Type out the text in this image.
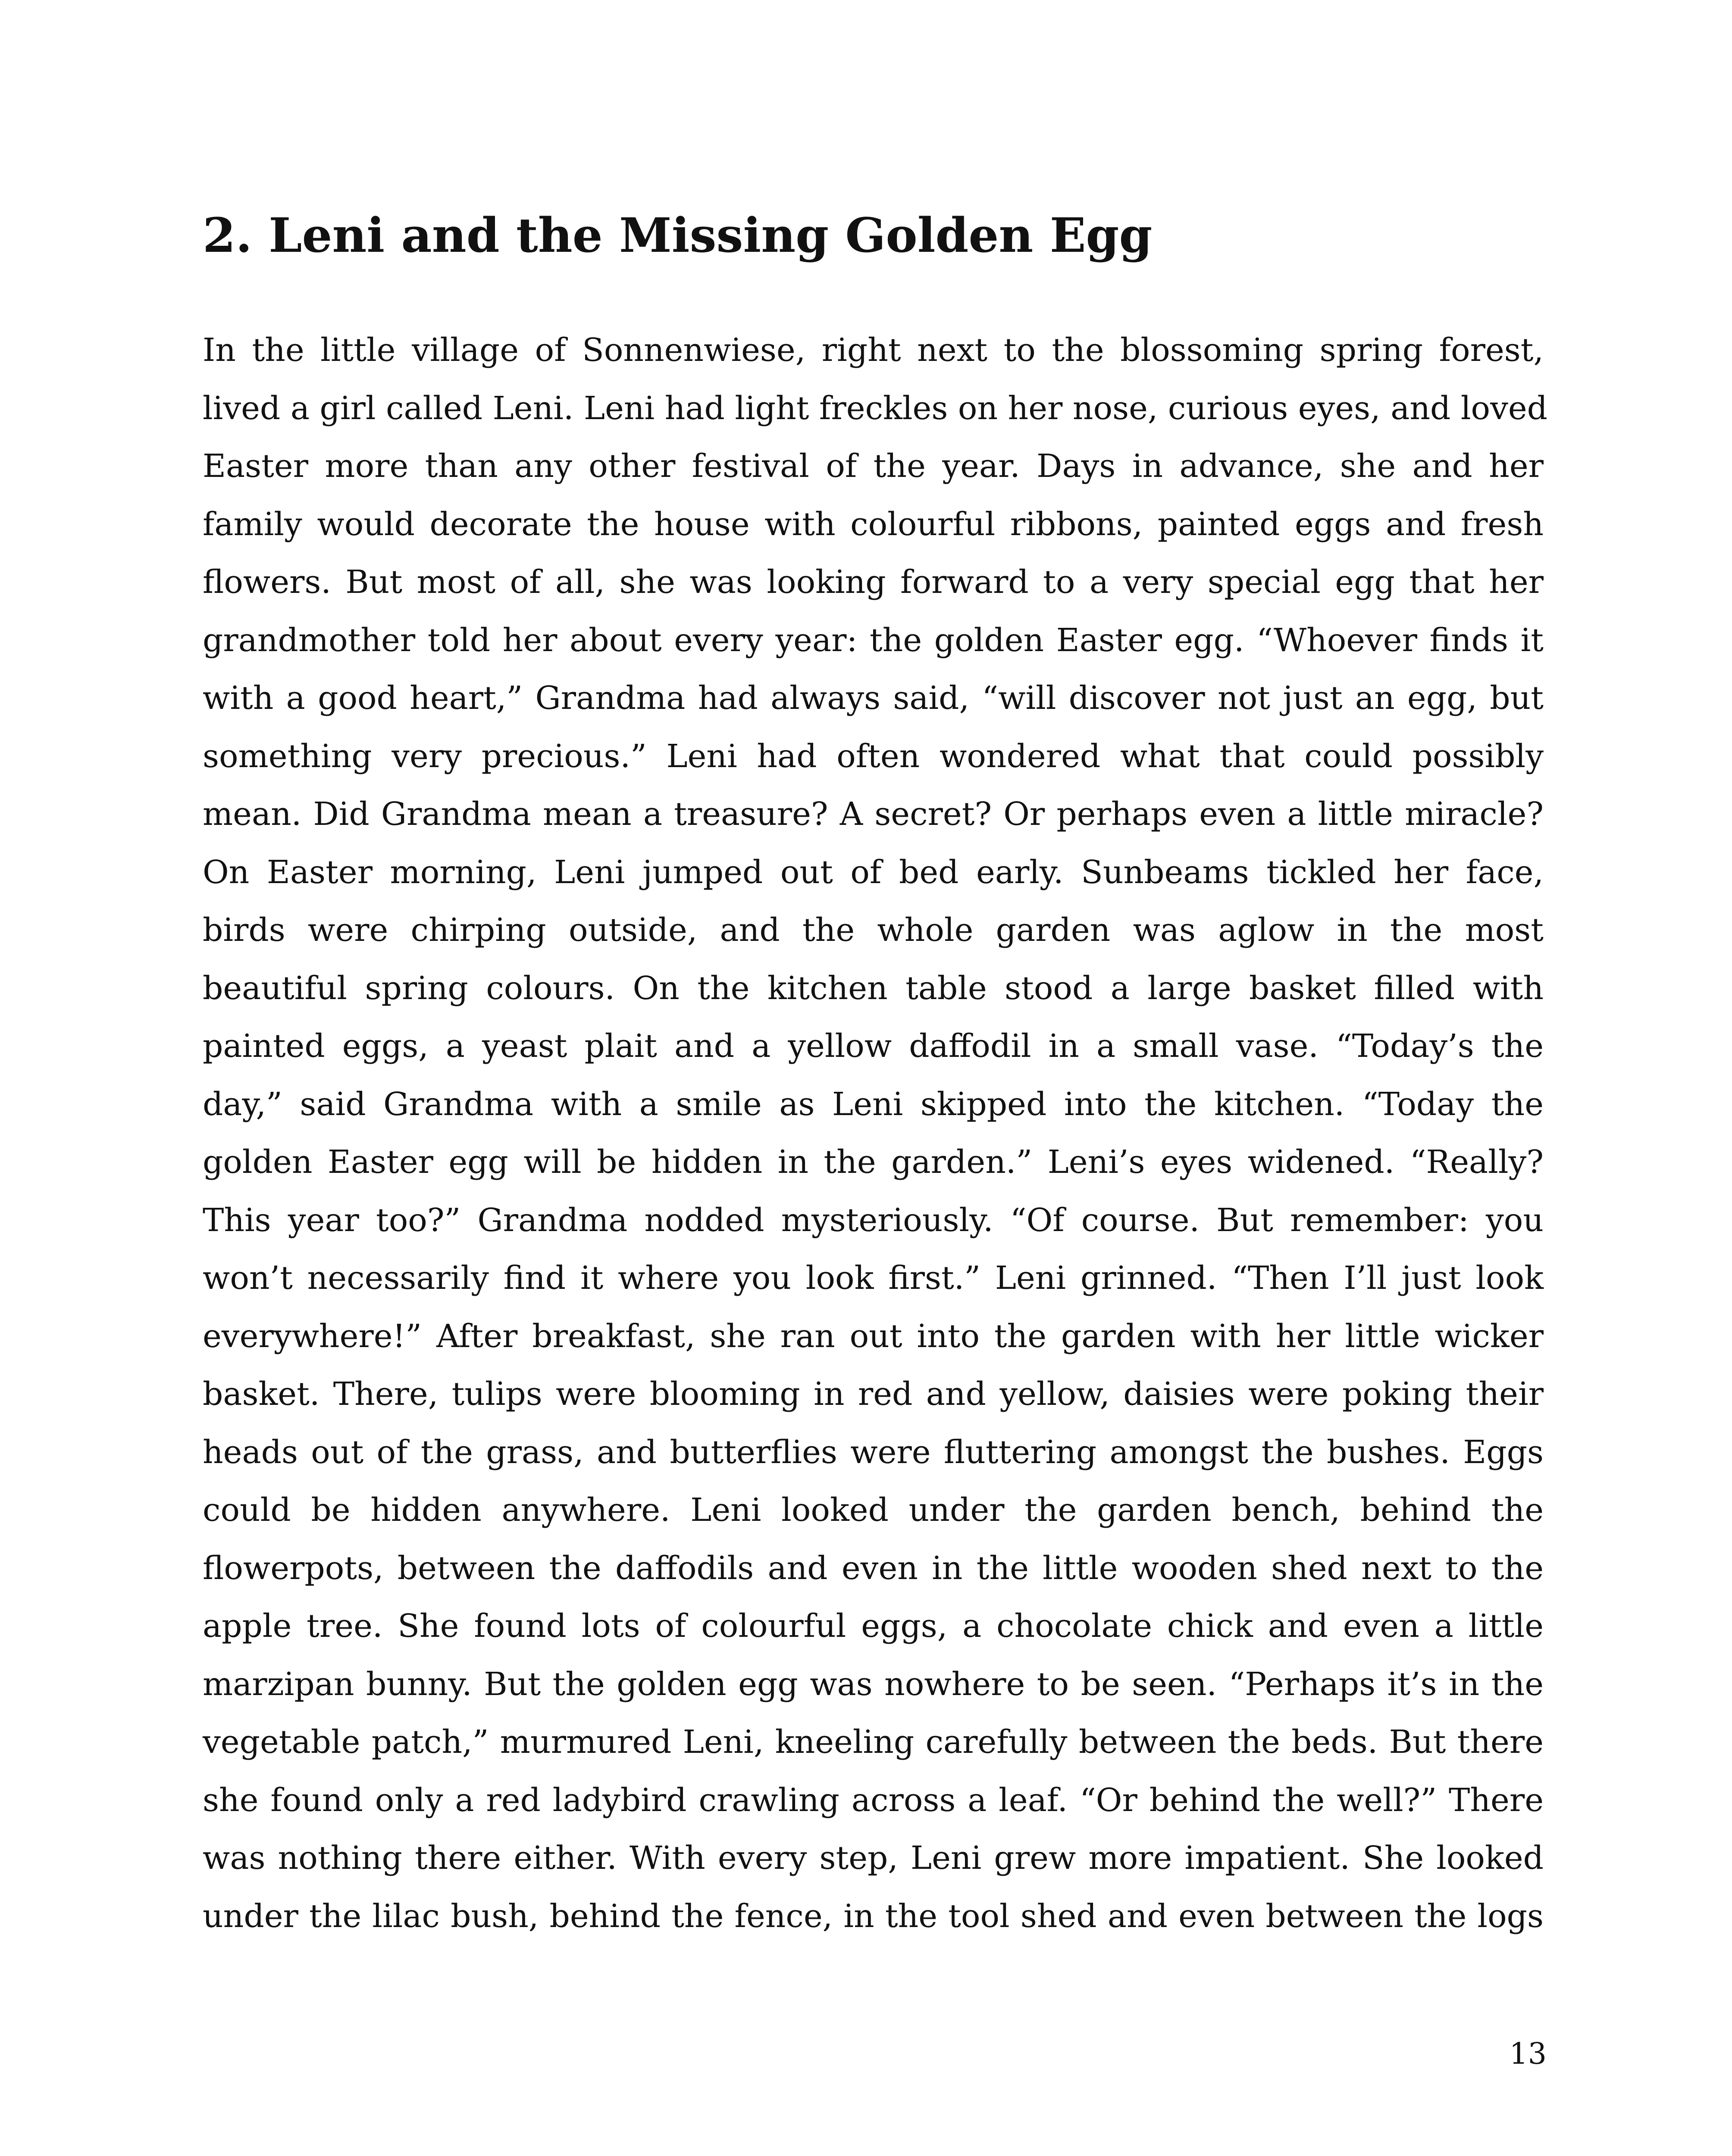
2. Leni and the Missing Golden Egg
In the little village of Sonnenwiese, right next to the blossoming spring forest,
lived a girl called Leni. Leni had light freckles on her nose, curious eyes, and loved
Easter more than any other festival of the year. Days in advance, she and her
family would decorate the house with colourful ribbons, painted eggs and fresh
flowers. But most of all, she was looking forward to a very special egg that her
grandmother told her about every year: the golden Easter egg. “Whoever finds it
with a good heart,” Grandma had always said, “will discover not just an egg, but
something very precious.” Leni had often wondered what that could possibly
mean. Did Grandma mean a treasure? A secret? Or perhaps even a little miracle?
On Easter morning, Leni jumped out of bed early. Sunbeams tickled her face,
birds were chirping outside, and the whole garden was aglow in the most
beautiful spring colours. On the kitchen table stood a large basket filled with
painted eggs, a yeast plait and a yellow daffodil in a small vase. “Today’s the
day,” said Grandma with a smile as Leni skipped into the kitchen. “Today the
golden Easter egg will be hidden in the garden.” Leni’s eyes widened. “Really?
This year too?” Grandma nodded mysteriously. “Of course. But remember: you
won’t necessarily find it where you look first.” Leni grinned. “Then I’ll just look
everywhere!” After breakfast, she ran out into the garden with her little wicker
basket. There, tulips were blooming in red and yellow, daisies were poking their
heads out of the grass, and butterflies were fluttering amongst the bushes. Eggs
could be hidden anywhere. Leni looked under the garden bench, behind the
flowerpots, between the daffodils and even in the little wooden shed next to the
apple tree. She found lots of colourful eggs, a chocolate chick and even a little
marzipan bunny. But the golden egg was nowhere to be seen. “Perhaps it’s in the
vegetable patch,” murmured Leni, kneeling carefully between the beds. But there
she found only a red ladybird crawling across a leaf. “Or behind the well?” There
was nothing there either. With every step, Leni grew more impatient. She looked
under the lilac bush, behind the fence, in the tool shed and even between the logs
13
